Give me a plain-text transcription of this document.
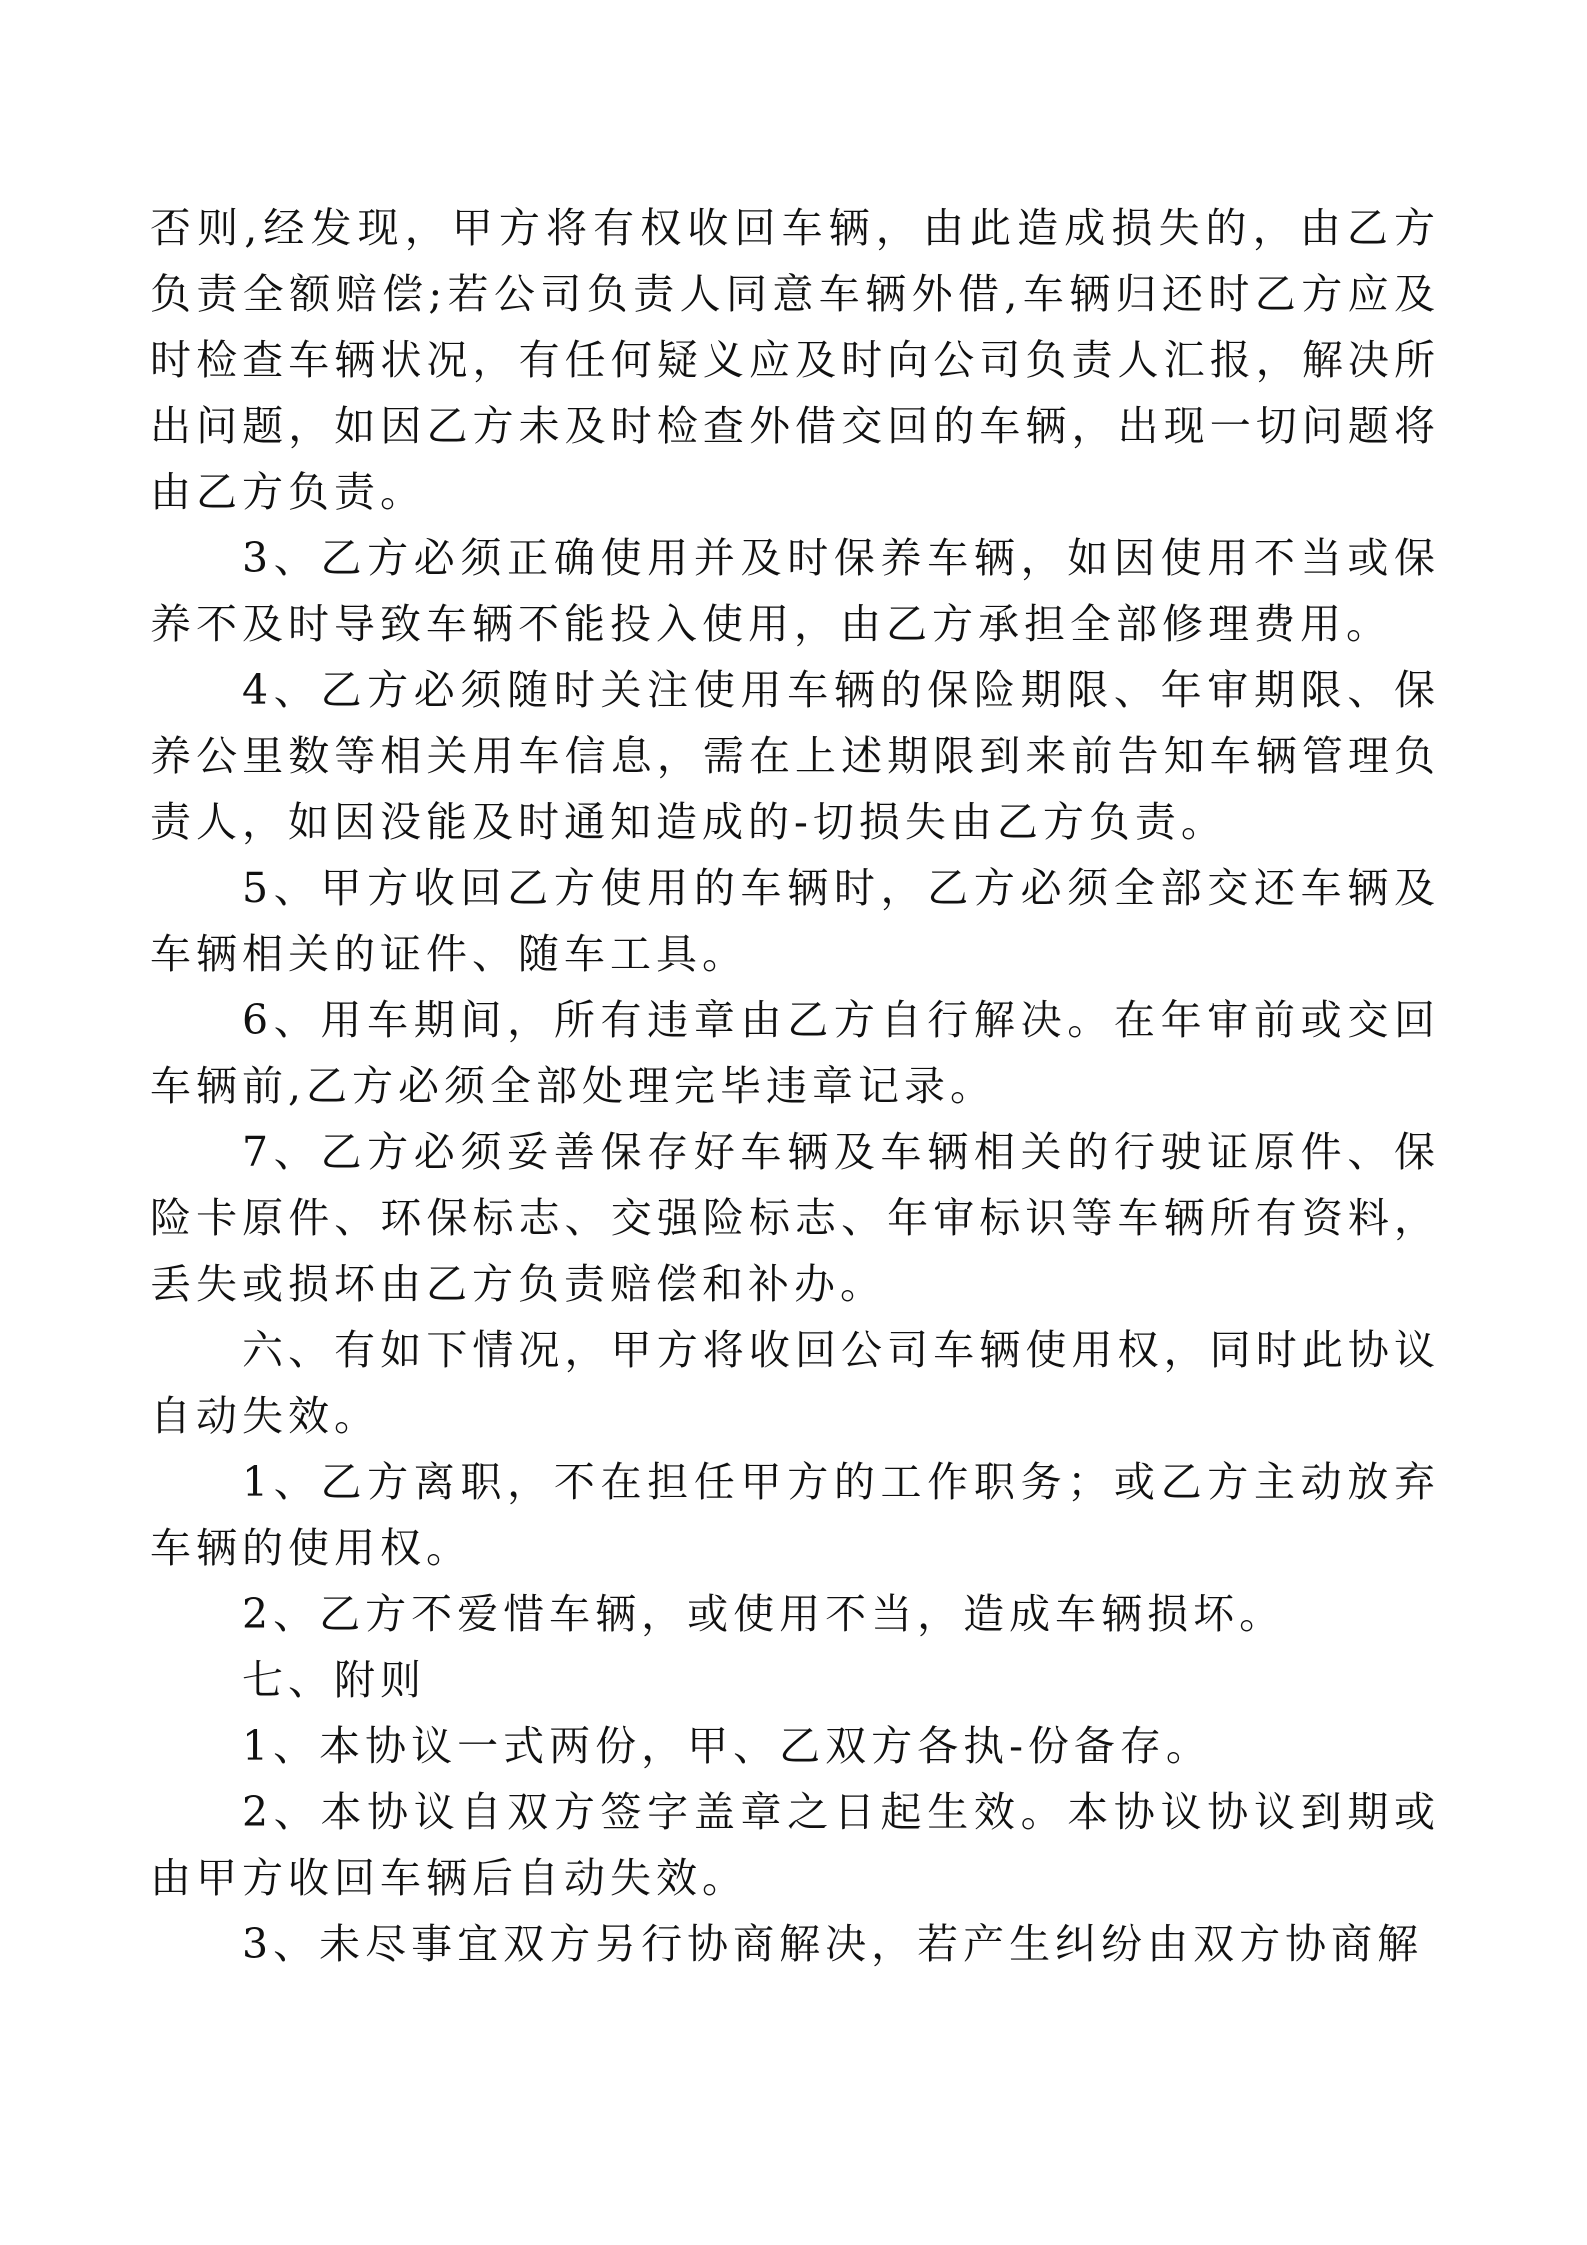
否则,经发现，甲方将有权收回车辆，由此造成损失的，由乙方负责全额赔偿;若公司负责人同意车辆外借,车辆归还时乙方应及时检查车辆状况，有任何疑义应及时向公司负责人汇报，解决所出问题，如因乙方未及时检查外借交回的车辆，出现一切问题将由乙方负责。

3、乙方必须正确使用并及时保养车辆，如因使用不当或保养不及时导致车辆不能投入使用，由乙方承担全部修理费用。

4、乙方必须随时关注使用车辆的保险期限、年审期限、保养公里数等相关用车信息，需在上述期限到来前告知车辆管理负责人，如因没能及时通知造成的-切损失由乙方负责。

5、甲方收回乙方使用的车辆时，乙方必须全部交还车辆及车辆相关的证件、随车工具。

6、用车期间，所有违章由乙方自行解决。在年审前或交回车辆前,乙方必须全部处理完毕违章记录。

7、乙方必须妥善保存好车辆及车辆相关的行驶证原件、保险卡原件、环保标志、交强险标志、年审标识等车辆所有资料，丢失或损坏由乙方负责赔偿和补办。

六、有如下情况，甲方将收回公司车辆使用权，同时此协议自动失效。

1、乙方离职，不在担任甲方的工作职务；或乙方主动放弃车辆的使用权。

2、乙方不爱惜车辆，或使用不当，造成车辆损坏。

七、附则

1、本协议一式两份，甲、乙双方各执-份备存。

2、本协议自双方签字盖章之日起生效。本协议协议到期或由甲方收回车辆后自动失效。

3、未尽事宜双方另行协商解决，若产生纠纷由双方协商解
